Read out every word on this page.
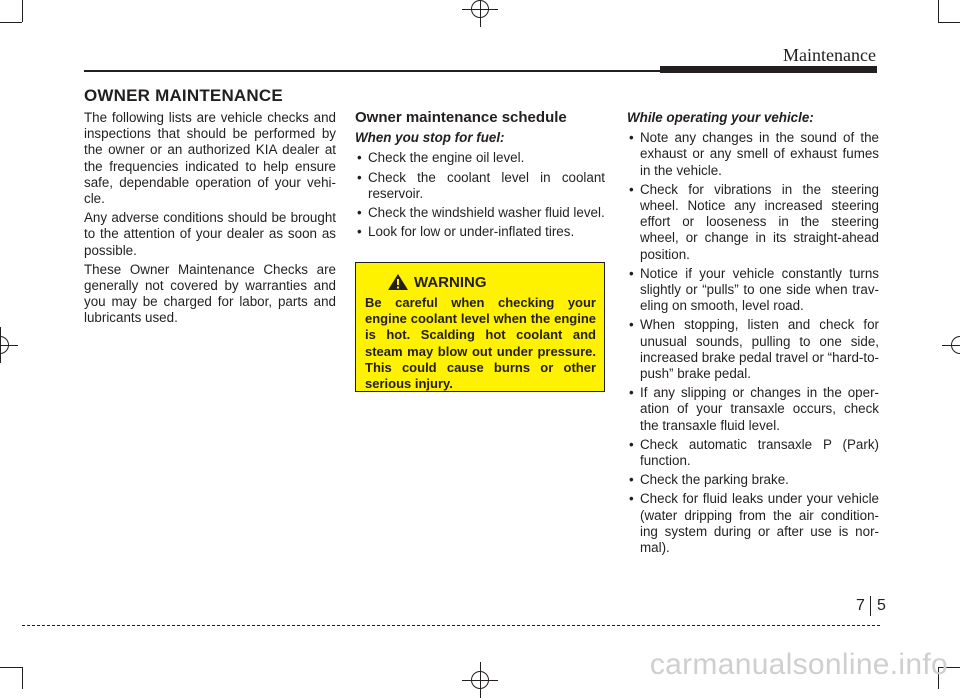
Maintenance
OWNER MAINTENANCE

The following lists are vehicle checks and inspections that should be performed by the owner or an authorized KIA dealer at the frequencies indicated to help ensure safe, dependable operation of your vehi-cle.

Any adverse conditions should be brought to the attention of your dealer as soon as possible.

These Owner Maintenance Checks are generally not covered by warranties and you may be charged for labor, parts and lubricants used.

Owner maintenance schedule
When you stop for fuel:
• Check the engine oil level.
• Check the coolant level in coolant reservoir.
• Check the windshield washer fluid level.
• Look for low or under-inflated tires.
WARNING
Be careful when checking your engine coolant level when the engine is hot. Scalding hot coolant and steam may blow out under pressure. This could cause burns or other serious injury.
While operating your vehicle:
• Note any changes in the sound of the exhaust or any smell of exhaust fumes in the vehicle.
• Check for vibrations in the steering wheel. Notice any increased steering effort or looseness in the steering wheel, or change in its straight-ahead position.
• Notice if your vehicle constantly turns slightly or “pulls” to one side when trav-eling on smooth, level road.
• When stopping, listen and check for unusual sounds, pulling to one side, increased brake pedal travel or “hard-to-push” brake pedal.
• If any slipping or changes in the oper-ation of your transaxle occurs, check the transaxle fluid level.
• Check automatic transaxle P (Park) function.
• Check the parking brake.
• Check for fluid leaks under your vehicle (water dripping from the air condition-ing system during or after use is nor-mal).
7 5
carmanualsonline.info
